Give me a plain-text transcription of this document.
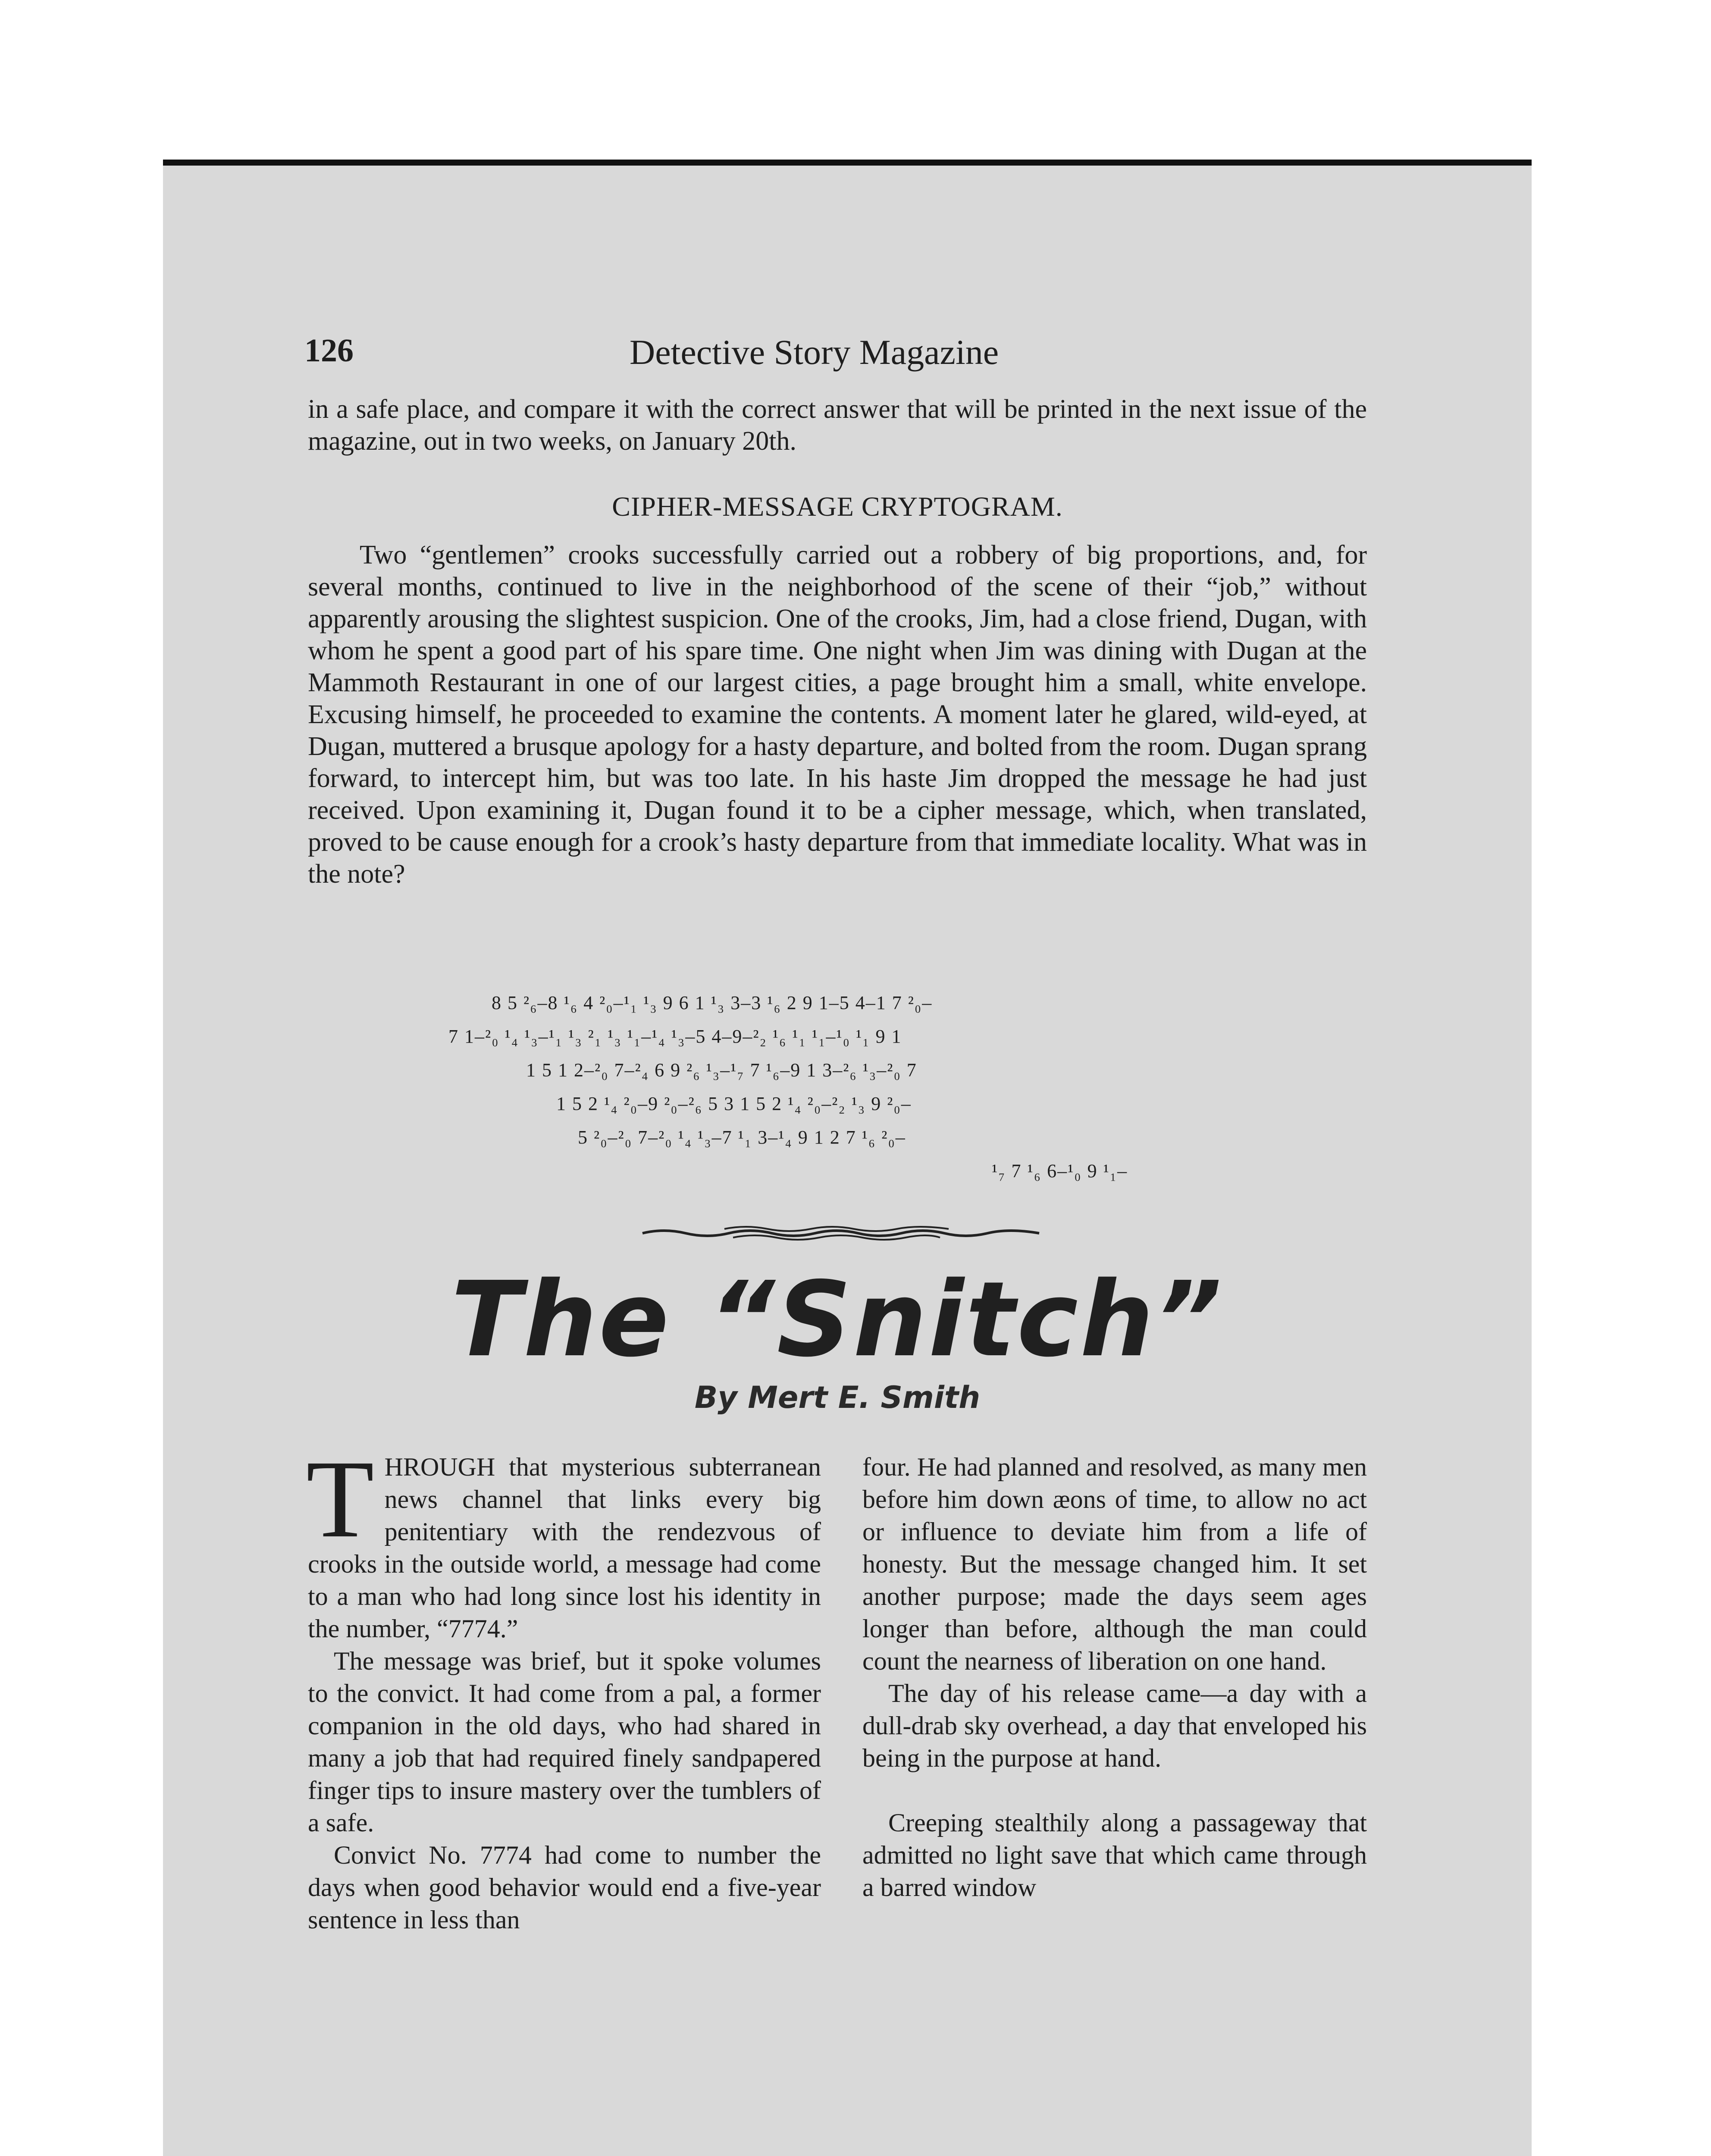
126	Detective Story Magazine
in a safe place, and compare it with the correct answer that will be printed in the next issue of the magazine, out in two weeks, on January 20th.
CIPHER-MESSAGE CRYPTOGRAM.
Two “gentlemen” crooks successfully carried out a robbery of big proportions, and, for several months, continued to live in the neighborhood of the scene of their “job,” without apparently arousing the slightest suspicion. One of the crooks, Jim, had a close friend, Dugan, with whom he spent a good part of his spare time. One night when Jim was dining with Dugan at the Mammoth Restaurant in one of our largest cities, a page brought him a small, white envelope. Excusing himself, he proceeded to examine the contents. A moment later he glared, wild-eyed, at Dugan, muttered a brusque apology for a hasty departure, and bolted from the room. Dugan sprang forward, to intercept him, but was too late. In his haste Jim dropped the message he had just received. Upon examining it, Dugan found it to be a cipher message, which, when translated, proved to be cause enough for a crook’s hasty departure from that immediate locality. What was in the note?
8 5 ²₆–8 ¹₆ 4 ²₀–¹₁ ¹₃ 9 6 1 ¹₃ 3–3 ¹₆ 2 9 1–5 4–1 7 ²₀–
7 1–²₀ ¹₄ ¹₃–¹₁ ¹₃ ²₁ ¹₃ ¹₁–¹₄ ¹₃–5 4–9–²₂ ¹₆ ¹₁ ¹₁–¹₀ ¹₁ 9 1
1 5 1 2–²₀ 7–²₄ 6 9 ²₆ ¹₃–¹₇ 7 ¹₆–9 1 3–²₆ ¹₃–²₀ 7
1 5 2 ¹₄ ²₀–9 ²₀–²₆ 5 3 1 5 2 ¹₄ ²₀–²₂ ¹₃ 9 ²₀–
5 ²₀–²₀ 7–²₀ ¹₄ ¹₃–7 ¹₁ 3–¹₄ 9 1 2 7 ¹₆ ²₀–
¹₇ 7 ¹₆ 6–¹₀ 9 ¹₁–
The “Snitch”
By Mert E. Smith

THROUGH that mysterious subterranean news channel that links every big penitentiary with the rendezvous of crooks in the outside world, a message had come to a man who had long since lost his identity in the number, “7774.”

The message was brief, but it spoke volumes to the convict. It had come from a pal, a former companion in the old days, who had shared in many a job that had required finely sandpapered finger tips to insure mastery over the tumblers of a safe.

Convict No. 7774 had come to number the days when good behavior would end a five-year sentence in less than

four. He had planned and resolved, as many men before him down æons of time, to allow no act or influence to deviate him from a life of honesty. But the message changed him. It set another purpose; made the days seem ages longer than before, although the man could count the nearness of liberation on one hand.

The day of his release came—a day with a dull-drab sky overhead, a day that enveloped his being in the purpose at hand.

Creeping stealthily along a passageway that admitted no light save that which came through a barred window
